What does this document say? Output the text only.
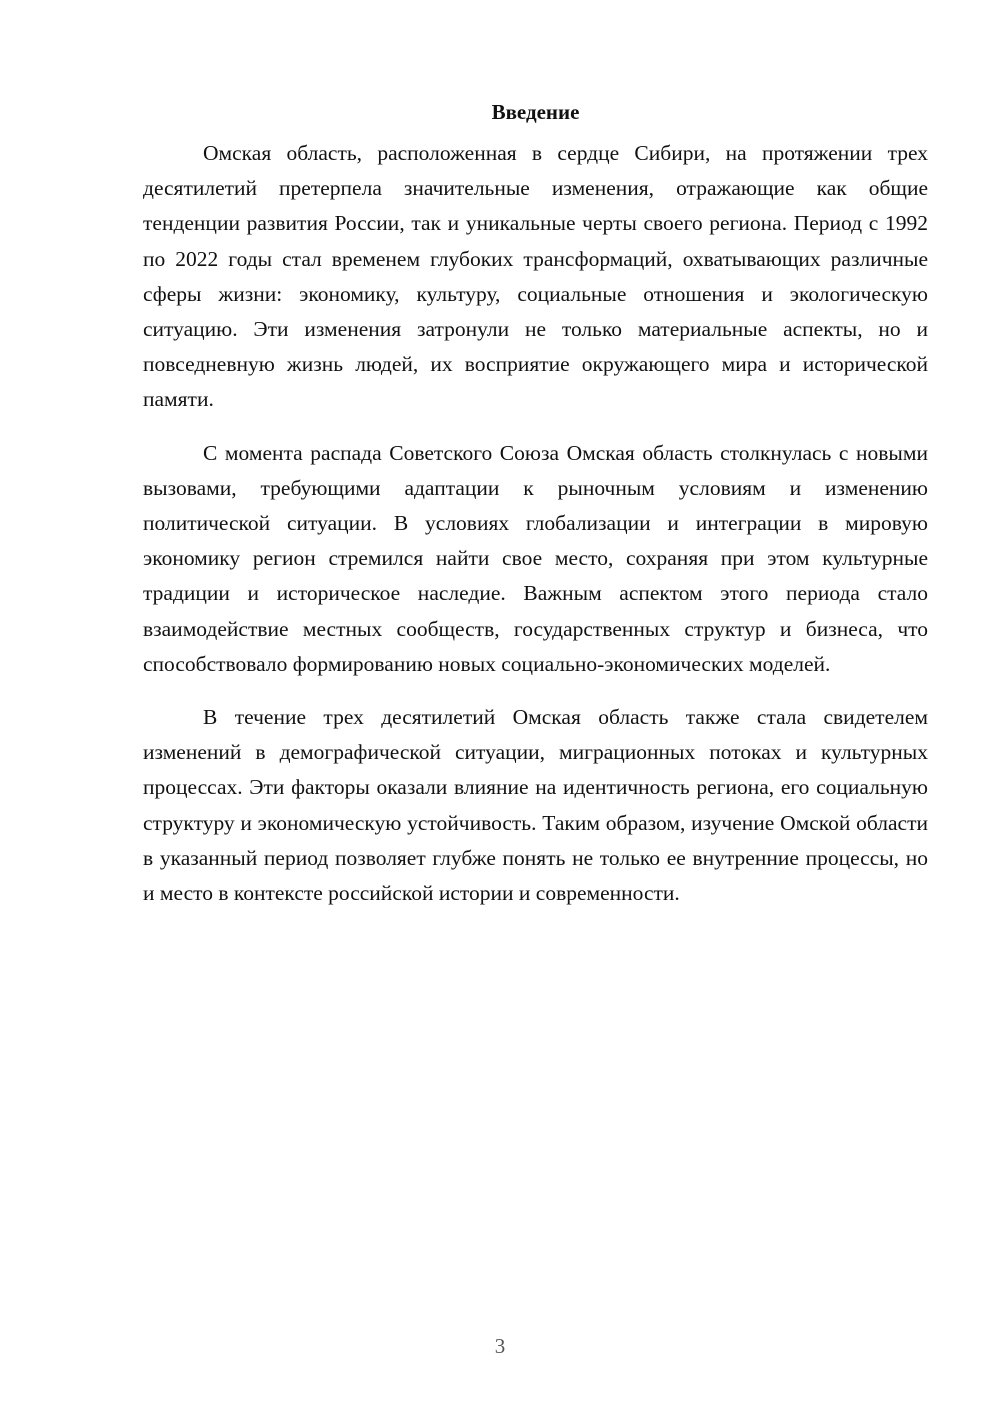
Введение

Омская область, расположенная в сердце Сибири, на протяжении трех десятилетий претерпела значительные изменения, отражающие как общие тенденции развития России, так и уникальные черты своего региона. Период с 1992 по 2022 годы стал временем глубоких трансформаций, охватывающих различные сферы жизни: экономику, культуру, социальные отношения и экологическую ситуацию. Эти изменения затронули не только материальные аспекты, но и повседневную жизнь людей, их восприятие окружающего мира и исторической памяти.

С момента распада Советского Союза Омская область столкнулась с новыми вызовами, требующими адаптации к рыночным условиям и изменению политической ситуации. В условиях глобализации и интеграции в мировую экономику регион стремился найти свое место, сохраняя при этом культурные традиции и историческое наследие. Важным аспектом этого периода стало взаимодействие местных сообществ, государственных структур и бизнеса, что способствовало формированию новых социально-экономических моделей.

В течение трех десятилетий Омская область также стала свидетелем изменений в демографической ситуации, миграционных потоках и культурных процессах. Эти факторы оказали влияние на идентичность региона, его социальную структуру и экономическую устойчивость. Таким образом, изучение Омской области в указанный период позволяет глубже понять не только ее внутренние процессы, но и место в контексте российской истории и современности.

3
